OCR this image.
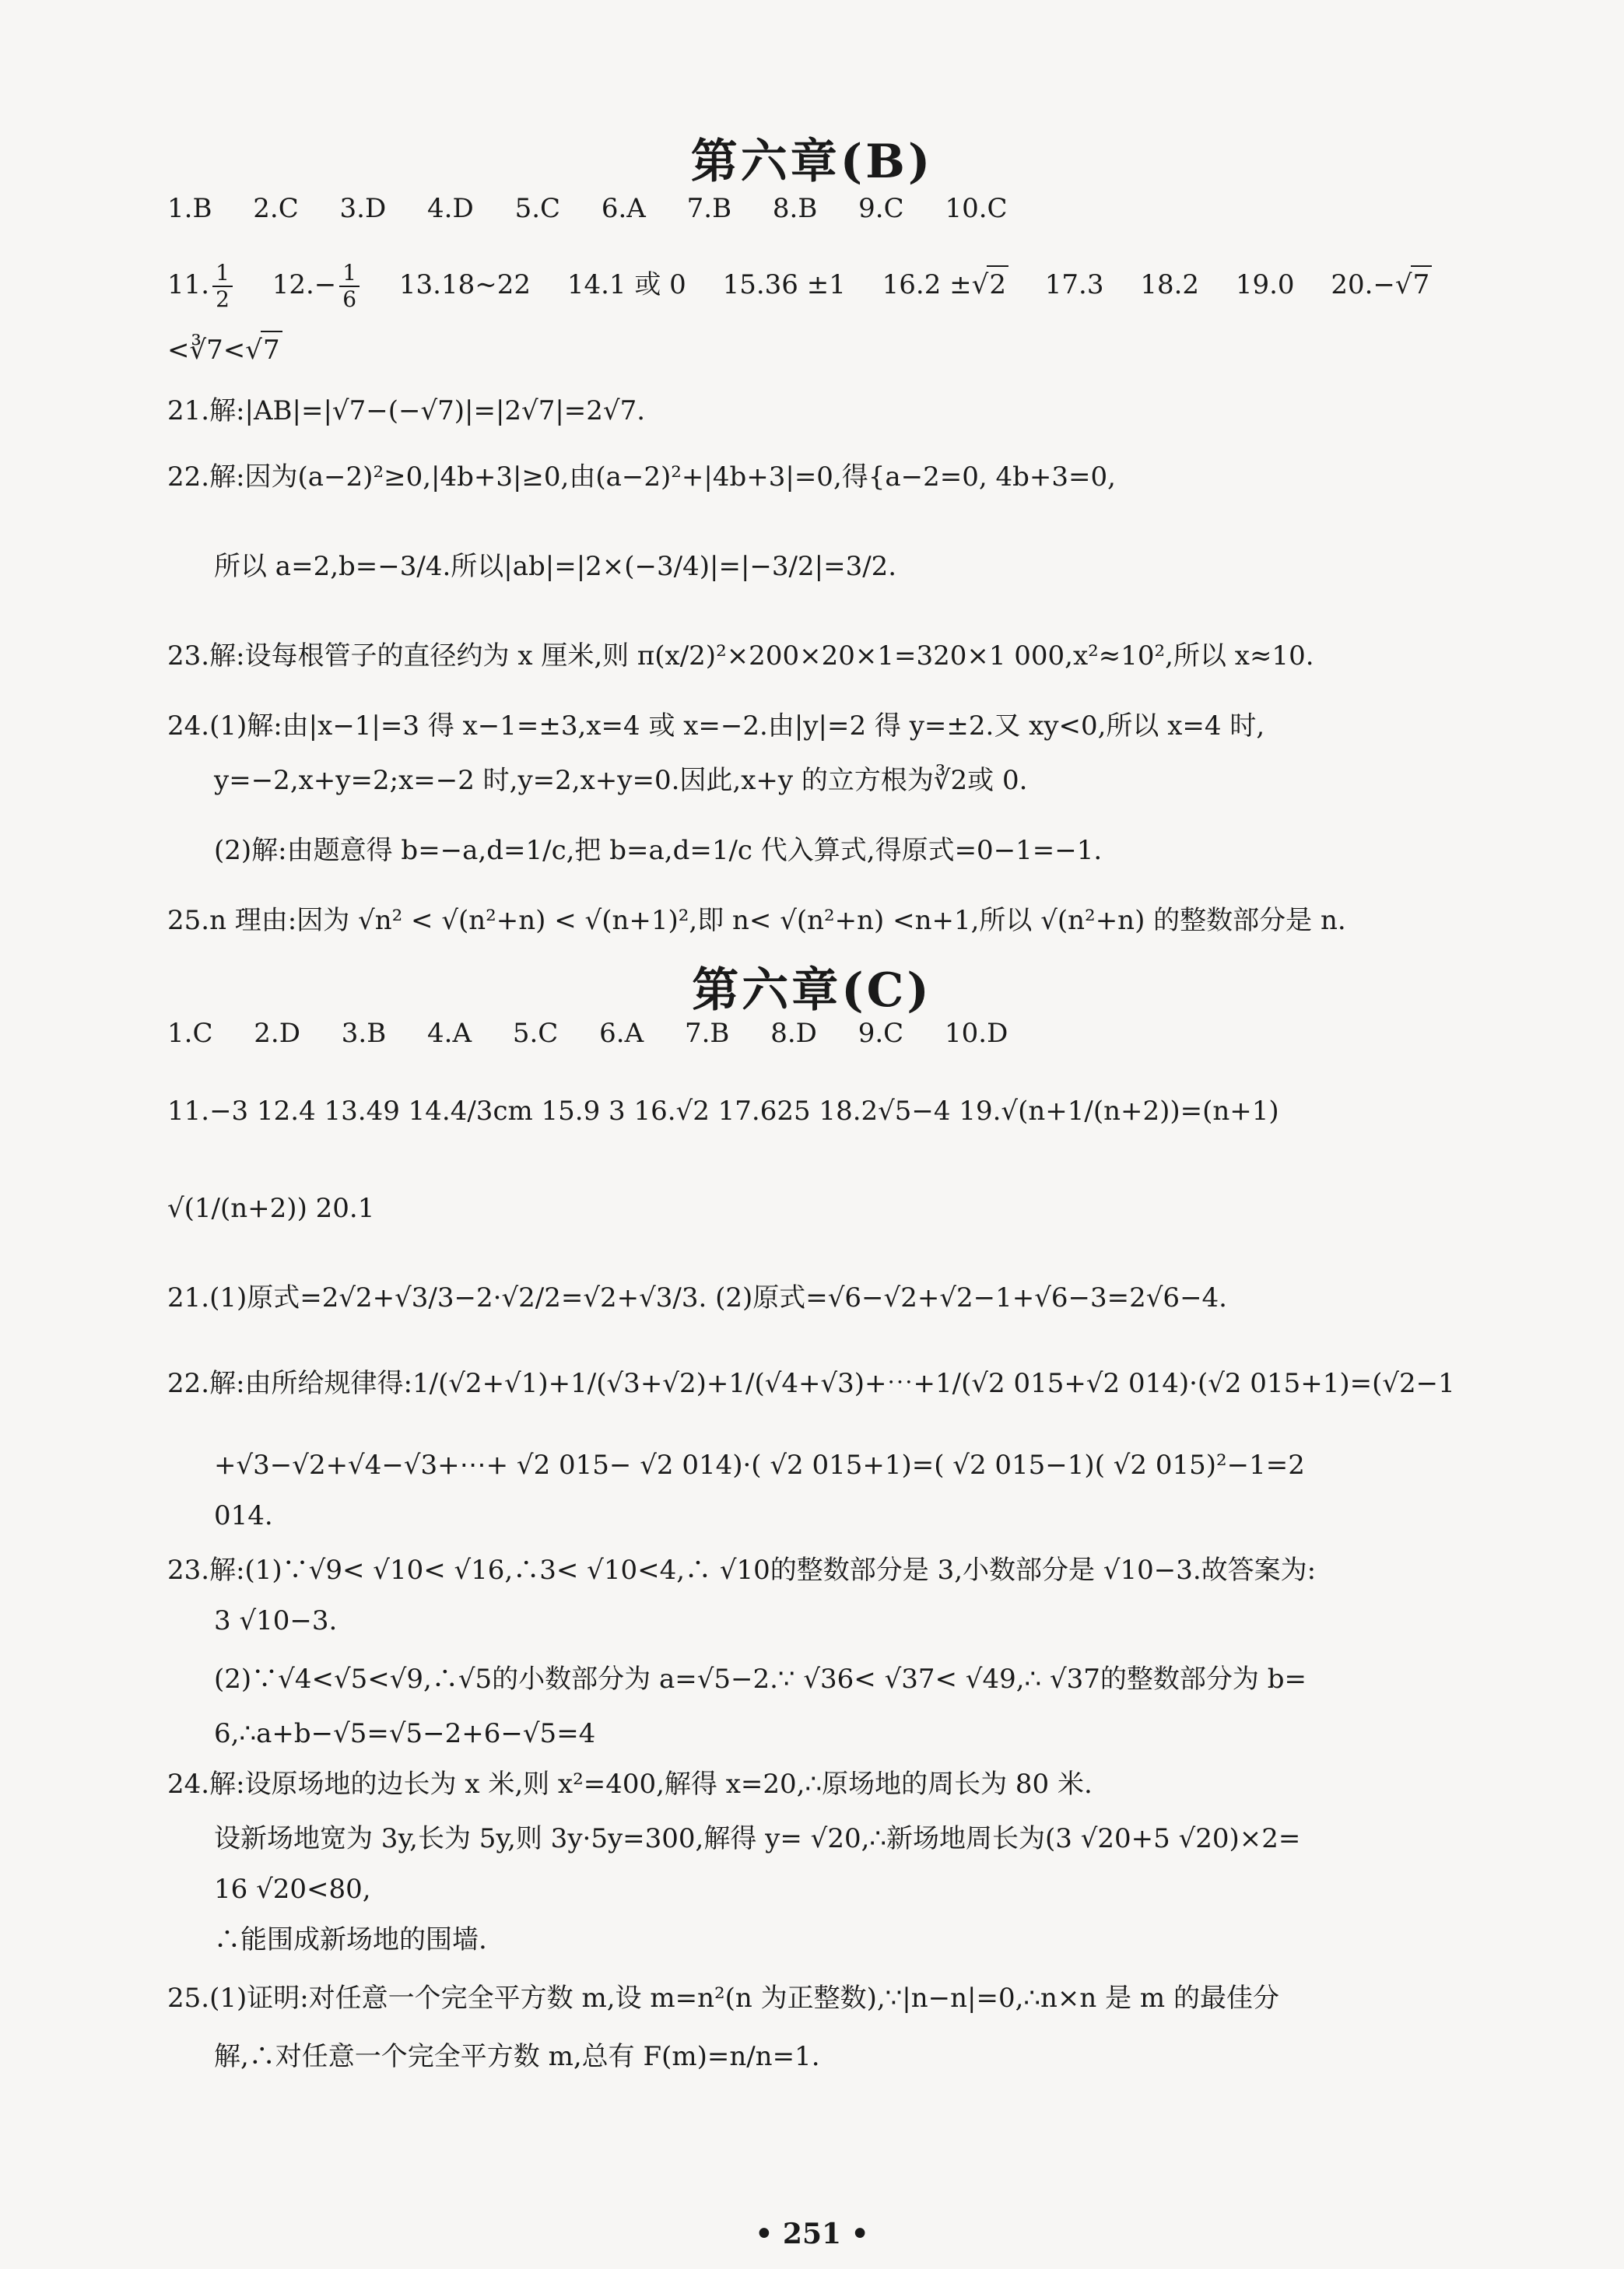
第六章(B)
1.B 2.C 3.D 4.D 5.C 6.A 7.B 8.B 9.C 10.C
11. $\frac{1}{2} 12.- \frac{1}{6}$ 13.18∼22 14.1 或 0 15.36 ±1 16.2 ±√2 17.3 18.2 19.0 20.−√7
<∛7<√7
21.解:|AB|=|√7−(−√7)|=|2√7|=2√7.
22.解:因为(a−2)²≥0,|4b+3|≥0,由(a−2)²+|4b+3|=0,得{a−2=0, 4b+3=0,
所以 a=2,b=−3/4.所以|ab|=|2×(−3/4)|=|−3/2|=3/2.
23.解:设每根管子的直径约为 x 厘米,则 π(x/2)²×200×20×1=320×1 000,x²≈10²,所以 x≈10.
24.(1)解:由|x−1|=3 得 x−1=±3,x=4 或 x=−2.由|y|=2 得 y=±2.又 xy<0,所以 x=4 时,
y=−2,x+y=2;x=−2 时,y=2,x+y=0.因此,x+y 的立方根为∛2或 0.
(2)解:由题意得 b=−a,d=1/c,把 b=a,d=1/c 代入算式,得原式=0−1=−1.
25.n 理由:因为 √n² < √(n²+n) < √(n+1)²,即 n< √(n²+n) <n+1,所以 √(n²+n) 的整数部分是 n.
第六章(C)
1.C 2.D 3.B 4.A 5.C 6.A 7.B 8.D 9.C 10.D
11.−3 12.4 13.49 14.4/3cm 15.9 3 16.√2 17.625 18.2√5−4 19.√(n+1/(n+2))=(n+1)
√(1/(n+2)) 20.1
21.(1)原式=2√2+√3/3−2·√2/2=√2+√3/3. (2)原式=√6−√2+√2−1+√6−3=2√6−4.
22.解:由所给规律得:1/(√2+√1)+1/(√3+√2)+1/(√4+√3)+⋯+1/(√2 015+√2 014)·(√2 015+1)=(√2−1
+√3−√2+√4−√3+⋯+ √2 015− √2 014)·( √2 015+1)=( √2 015−1)( √2 015)²−1=2
014.
23.解:(1)∵√9< √10< √16,∴3< √10<4,∴ √10的整数部分是 3,小数部分是 √10−3.故答案为:
3 √10−3.
(2)∵√4<√5<√9,∴√5的小数部分为 a=√5−2.∵ √36< √37< √49,∴ √37的整数部分为 b=
6,∴a+b−√5=√5−2+6−√5=4
24.解:设原场地的边长为 x 米,则 x²=400,解得 x=20,∴原场地的周长为 80 米.
设新场地宽为 3y,长为 5y,则 3y·5y=300,解得 y= √20,∴新场地周长为(3 √20+5 √20)×2=
16 √20<80,
∴能围成新场地的围墙.
25.(1)证明:对任意一个完全平方数 m,设 m=n²(n 为正整数),∵|n−n|=0,∴n×n 是 m 的最佳分
解,∴对任意一个完全平方数 m,总有 F(m)=n/n=1.
• 251 •
